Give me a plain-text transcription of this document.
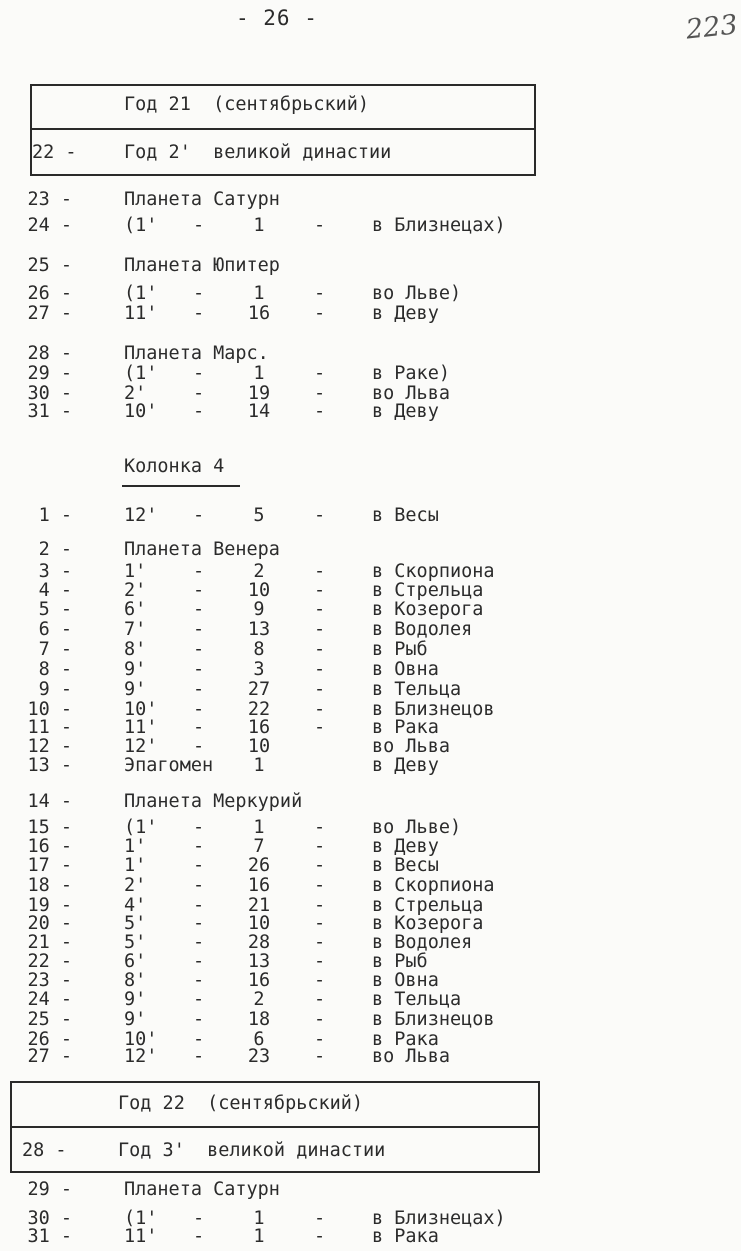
- 26 -	223
Год 21  (сентябрьский)
22 -	Год 2'  великой династии
23 -	Планета Сатурн
24 -	(1' -	1	-	в Близнецах)
25 -	Планета Юпитер
26 -	(1' -	1	-	во Льве)
27 -	11' -	16	-	в Деву
28 -	Планета Марс.
29 -	(1' -	1	-	в Раке)
30 -	2'	-	19	-	во Льва
31 -	10' -	14	-	в Деву
Колонка 4
1 -	12' -	5	-	в Весы
2 -	Планета Венера
3 -	1'	-	2	-	в Скорпиона
4 -	2'	-	10	-	в Стрельца
5 -	6'	-	9	-	в Козерога
6 -	7'	-	13	-	в Водолея
7 -	8'	-	8	-	в Рыб
8 -	9'	-	3	-	в Овна
9 -	9'	-	27	-	в Тельца
10 -	10' -	22	-	в Близнецов
11 -	11' -	16	-	в Рака
12 -	12' -	10	во Льва
13 -	Эпагомен	1	в Деву
14 -	Планета Меркурий
15 -	(1' -	1	-	во Льве)
16 -	1'	-	7	-	в Деву
17 -	1'	-	26	-	в Весы
18 -	2'	-	16	-	в Скорпиона
19 -	4'	-	21	-	в Стрельца
20 -	5'	-	10	-	в Козерога
21 -	5'	-	28	-	в Водолея
22 -	6'	-	13	-	в Рыб
23 -	8'	-	16	-	в Овна
24 -	9'	-	2	-	в Тельца
25 -	9'	-	18	-	в Близнецов
26 -	10' -	6	-	в Рака
27 -	12' -	23	-	во Льва
Год 22  (сентябрьский)
28 -	Год 3'  великой династии
29 -	Планета Сатурн
30 -	(1' -	1	-	в Близнецах)
31 -	11' -	1	-	в Рака
